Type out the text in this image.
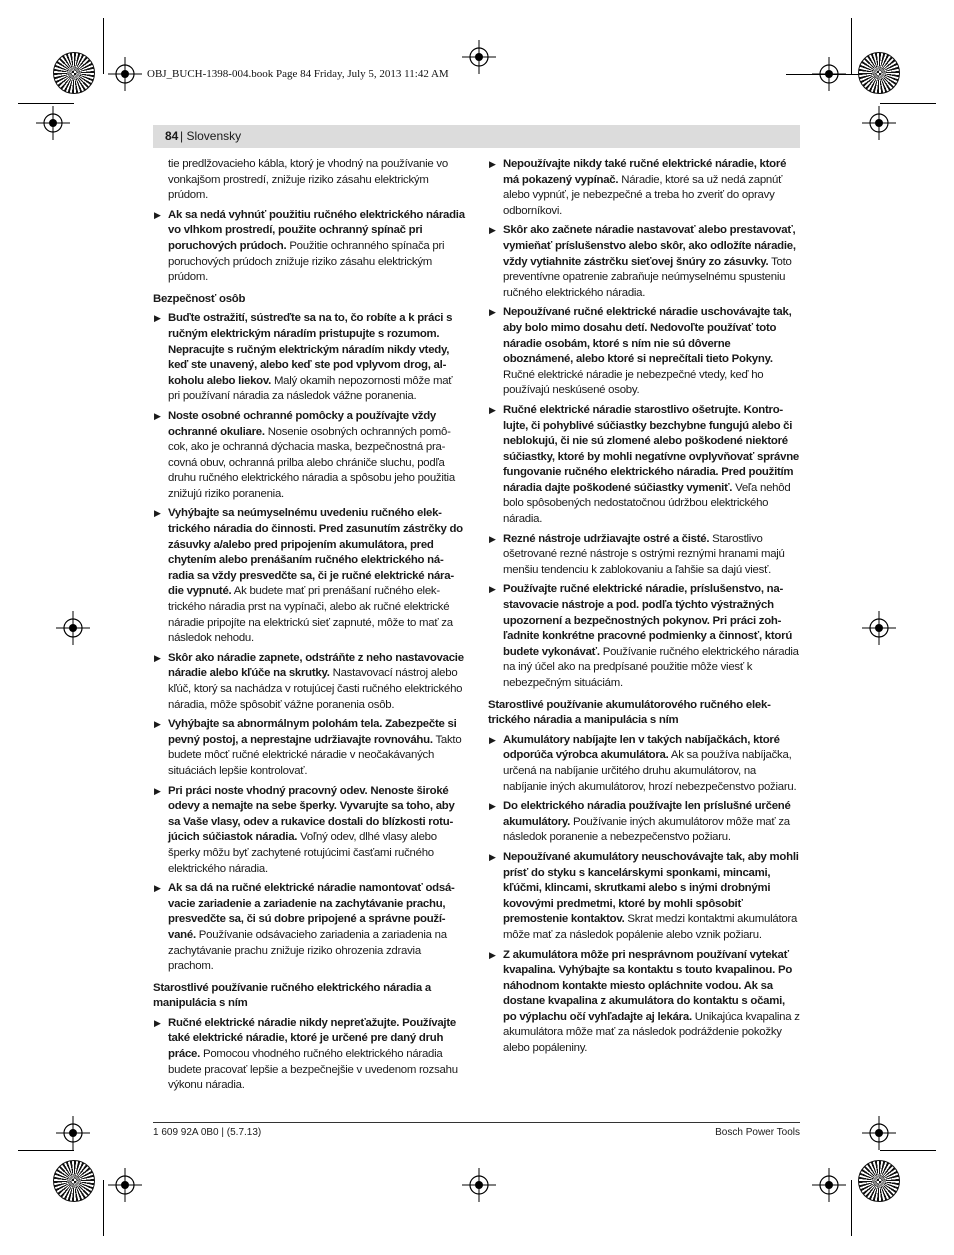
OBJ_BUCH-1398-004.book Page 84 Friday, July 5, 2013 11:42 AM
84 | Slovensky
tie predlžovacieho kábla, ktorý je vhodný na používanie vo vonkajšom prostredí, znižuje riziko zásahu elektrickým prúdom.
▶ Ak sa nedá vyhnúť použitiu ručného elektrického náradia vo vlhkom prostredí, použite ochranný spínač pri poruchových prúdoch. Použitie ochranného spínača pri poruchových prúdoch znižuje riziko zásahu elektrickým prúdom.
Bezpečnosť osôb
▶ Buďte ostražití, sústreďte sa na to, čo robíte a k práci s ručným elektrickým náradím pristupujte s rozumom. Nepracujte s ručným elektrickým náradím nikdy vtedy, keď ste unavený, alebo keď ste pod vplyvom drog, alkoholu alebo liekov. Malý okamih nepozornosti môže mať pri používaní náradia za následok vážne poranenia.
▶ Noste osobné ochranné pomôcky a používajte vždy ochranné okuliare. Nosenie osobných ochranných pomôcok, ako je ochranná dýchacia maska, bezpečnostná pracovná obuv, ochranná prilba alebo chrániče sluchu, podľa druhu ručného elektrického náradia a spôsobu jeho použitia znižujú riziko poranenia.
▶ Vyhýbajte sa neúmyselnému uvedeniu ručného elektrického náradia do činnosti. Pred zasunutím zástrčky do zásuvky a/alebo pred pripojením akumulátora, pred chytením alebo prenášaním ručného elektrického náradia sa vždy presvedčte sa, či je ručné elektrické náradie vypnuté. Ak budete mať pri prenášaní ručného elektrického náradia prst na vypínači, alebo ak ručné elektrické náradie pripojíte na elektrickú sieť zapnuté, môže to mať za následok nehodu.
▶ Skôr ako náradie zapnete, odstráňte z neho nastavovacie náradie alebo kľúče na skrutky. Nastavovací nástroj alebo kľúč, ktorý sa nachádza v rotujúcej časti ručného elektrického náradia, môže spôsobiť vážne poranenia osôb.
▶ Vyhýbajte sa abnormálnym polohám tela. Zabezpečte si pevný postoj, a neprestajne udržiavajte rovnováhu. Takto budete môcť ručné elektrické náradie v neočakávaných situáciách lepšie kontrolovať.
▶ Pri práci noste vhodný pracovný odev. Nenoste široké odevy a nemajte na sebe šperky. Vyvarujte sa toho, aby sa Vaše vlasy, odev a rukavice dostali do blízkosti rotujúcich súčiastok náradia. Voľný odev, dlhé vlasy alebo šperky môžu byť zachytené rotujúcimi časťami ručného elektrického náradia.
▶ Ak sa dá na ručné elektrické náradie namontovať odsávacie zariadenie a zariadenie na zachytávanie prachu, presvedčte sa, či sú dobre pripojené a správne používané. Používanie odsávacieho zariadenia a zariadenia na zachytávanie prachu znižuje riziko ohrozenia zdravia prachom.
Starostlivé používanie ručného elektrického náradia a manipulácia s ním
▶ Ručné elektrické náradie nikdy nepreťažujte. Používajte také elektrické náradie, ktoré je určené pre daný druh práce. Pomocou vhodného ručného elektrického náradia budete pracovať lepšie a bezpečnejšie v uvedenom rozsahu výkonu náradia.
▶ Nepoužívajte nikdy také ručné elektrické náradie, ktoré má pokazený vypínač. Náradie, ktoré sa už nedá zapnúť alebo vypnúť, je nebezpečné a treba ho zveriť do opravy odborníkovi.
▶ Skôr ako začnete náradie nastavovať alebo prestavovať, vymieňať príslušenstvo alebo skôr, ako odložíte náradie, vždy vytiahnite zástrčku sieťovej šnúry zo zásuvky. Toto preventívne opatrenie zabraňuje neúmyselnému spusteniu ručného elektrického náradia.
▶ Nepoužívané ručné elektrické náradie uschovávajte tak, aby bolo mimo dosahu detí. Nedovoľte používať toto náradie osobám, ktoré s ním nie sú dôverne oboznámené, alebo ktoré si neprečítali tieto Pokyny. Ručné elektrické náradie je nebezpečné vtedy, keď ho používajú neskúsené osoby.
▶ Ručné elektrické náradie starostlivo ošetrujte. Kontrolujte, či pohyblivé súčiastky bezchybne fungujú alebo či neblokujú, či nie sú zlomené alebo poškodené niektoré súčiastky, ktoré by mohli negatívne ovplyvňovať správne fungovanie ručného elektrického náradia. Pred použitím náradia dajte poškodené súčiastky vymeniť. Veľa nehôd bolo spôsobených nedostatočnou údržbou elektrického náradia.
▶ Rezné nástroje udržiavajte ostré a čisté. Starostlivo ošetrované rezné nástroje s ostrými reznými hranami majú menšiu tendenciu k zablokovaniu a ľahšie sa dajú viesť.
▶ Používajte ručné elektrické náradie, príslušenstvo, nastavovacie nástroje a pod. podľa týchto výstražných upozornení a bezpečnostných pokynov. Pri práci zohľadnite konkrétne pracovné podmienky a činnosť, ktorú budete vykonávať. Používanie ručného elektrického náradia na iný účel ako na predpísané použitie môže viesť k nebezpečným situáciám.
Starostlivé používanie akumulátorového ručného elektrického náradia a manipulácia s ním
▶ Akumulátory nabíjajte len v takých nabíjačkách, ktoré odporúča výrobca akumulátora. Ak sa používa nabíjačka, určená na nabíjanie určitého druhu akumulátorov, na nabíjanie iných akumulátorov, hrozí nebezpečenstvo požiaru.
▶ Do elektrického náradia používajte len príslušné určené akumulátory. Používanie iných akumulátorov môže mať za následok poranenie a nebezpečenstvo požiaru.
▶ Nepoužívané akumulátory neuschovávajte tak, aby mohli prísť do styku s kancelárskymi sponkami, mincami, kľúčmi, klincami, skrutkami alebo s inými drobnými kovovými predmetmi, ktoré by mohli spôsobiť premostenie kontaktov. Skrat medzi kontaktmi akumulátora môže mať za následok popálenie alebo vznik požiaru.
▶ Z akumulátora môže pri nesprávnom používaní vytekať kvapalina. Vyhýbajte sa kontaktu s touto kvapalinou. Po náhodnom kontakte miesto opláchnite vodou. Ak sa dostane kvapalina z akumulátora do kontaktu s očami, po výplachu očí vyhľadajte aj lekára. Unikajúca kvapalina z akumulátora môže mať za následok podráždenie pokožky alebo popáleniny.
1 609 92A 0B0 | (5.7.13)	Bosch Power Tools
